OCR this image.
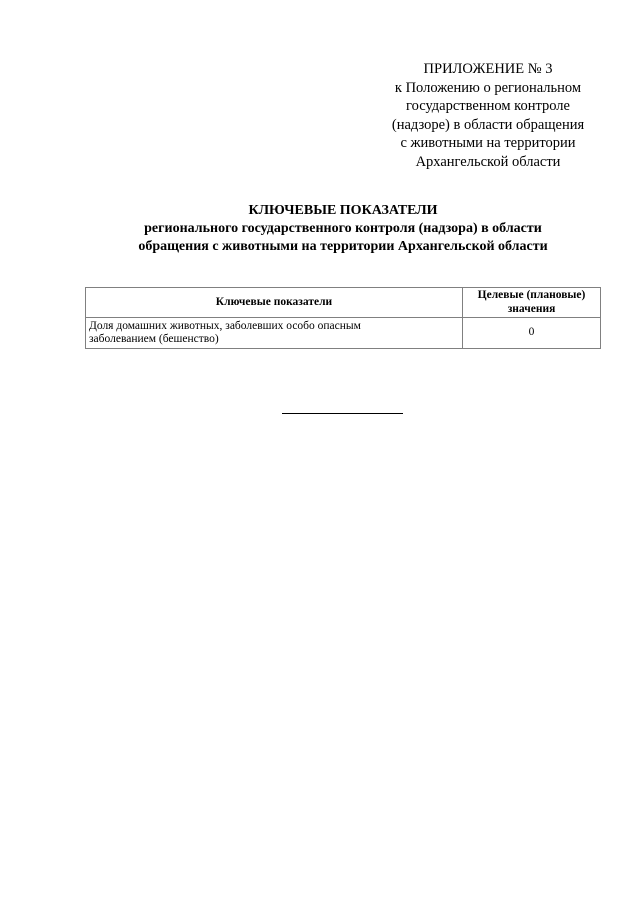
ПРИЛОЖЕНИЕ № 3
к Положению о региональном
государственном контроле
(надзоре) в области обращения
с животными на территории
Архангельской области
КЛЮЧЕВЫЕ ПОКАЗАТЕЛИ
регионального государственного контроля (надзора) в области
обращения с животными на территории Архангельской области
Ключевые показатели	Целевые (плановые)
значения

Доля домашних животных, заболевших особо опасным
заболеванием (бешенство)	0
